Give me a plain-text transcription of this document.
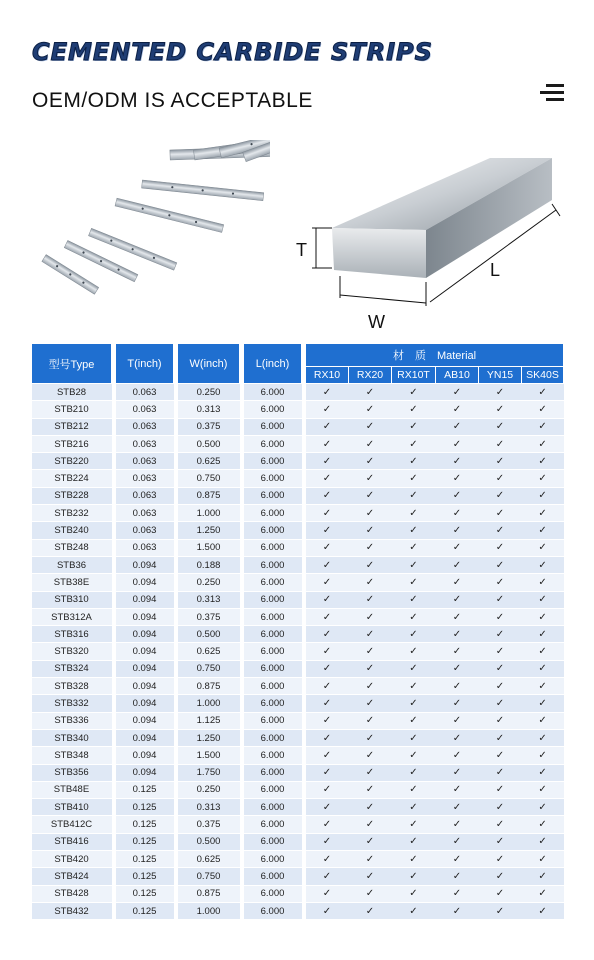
CEMENTED CARBIDE STRIPS
OEM/ODM IS ACCEPTABLE
T
W
L
型号Type		T(inch)		W(inch)		L(inch)		材　质　Material					
								RX10	RX20	RX10T	AB10	YN15	SK40S
STB28		0.063		0.250		6.000		✓	✓	✓	✓	✓	✓
STB210		0.063		0.313		6.000		✓	✓	✓	✓	✓	✓
STB212		0.063		0.375		6.000		✓	✓	✓	✓	✓	✓
STB216		0.063		0.500		6.000		✓	✓	✓	✓	✓	✓
STB220		0.063		0.625		6.000		✓	✓	✓	✓	✓	✓
STB224		0.063		0.750		6.000		✓	✓	✓	✓	✓	✓
STB228		0.063		0.875		6.000		✓	✓	✓	✓	✓	✓
STB232		0.063		1.000		6.000		✓	✓	✓	✓	✓	✓
STB240		0.063		1.250		6.000		✓	✓	✓	✓	✓	✓
STB248		0.063		1.500		6.000		✓	✓	✓	✓	✓	✓
STB36		0.094		0.188		6.000		✓	✓	✓	✓	✓	✓
STB38E		0.094		0.250		6.000		✓	✓	✓	✓	✓	✓
STB310		0.094		0.313		6.000		✓	✓	✓	✓	✓	✓
STB312A		0.094		0.375		6.000		✓	✓	✓	✓	✓	✓
STB316		0.094		0.500		6.000		✓	✓	✓	✓	✓	✓
STB320		0.094		0.625		6.000		✓	✓	✓	✓	✓	✓
STB324		0.094		0.750		6.000		✓	✓	✓	✓	✓	✓
STB328		0.094		0.875		6.000		✓	✓	✓	✓	✓	✓
STB332		0.094		1.000		6.000		✓	✓	✓	✓	✓	✓
STB336		0.094		1.125		6.000		✓	✓	✓	✓	✓	✓
STB340		0.094		1.250		6.000		✓	✓	✓	✓	✓	✓
STB348		0.094		1.500		6.000		✓	✓	✓	✓	✓	✓
STB356		0.094		1.750		6.000		✓	✓	✓	✓	✓	✓
STB48E		0.125		0.250		6.000		✓	✓	✓	✓	✓	✓
STB410		0.125		0.313		6.000		✓	✓	✓	✓	✓	✓
STB412C		0.125		0.375		6.000		✓	✓	✓	✓	✓	✓
STB416		0.125		0.500		6.000		✓	✓	✓	✓	✓	✓
STB420		0.125		0.625		6.000		✓	✓	✓	✓	✓	✓
STB424		0.125		0.750		6.000		✓	✓	✓	✓	✓	✓
STB428		0.125		0.875		6.000		✓	✓	✓	✓	✓	✓
STB432		0.125		1.000		6.000		✓	✓	✓	✓	✓	✓
